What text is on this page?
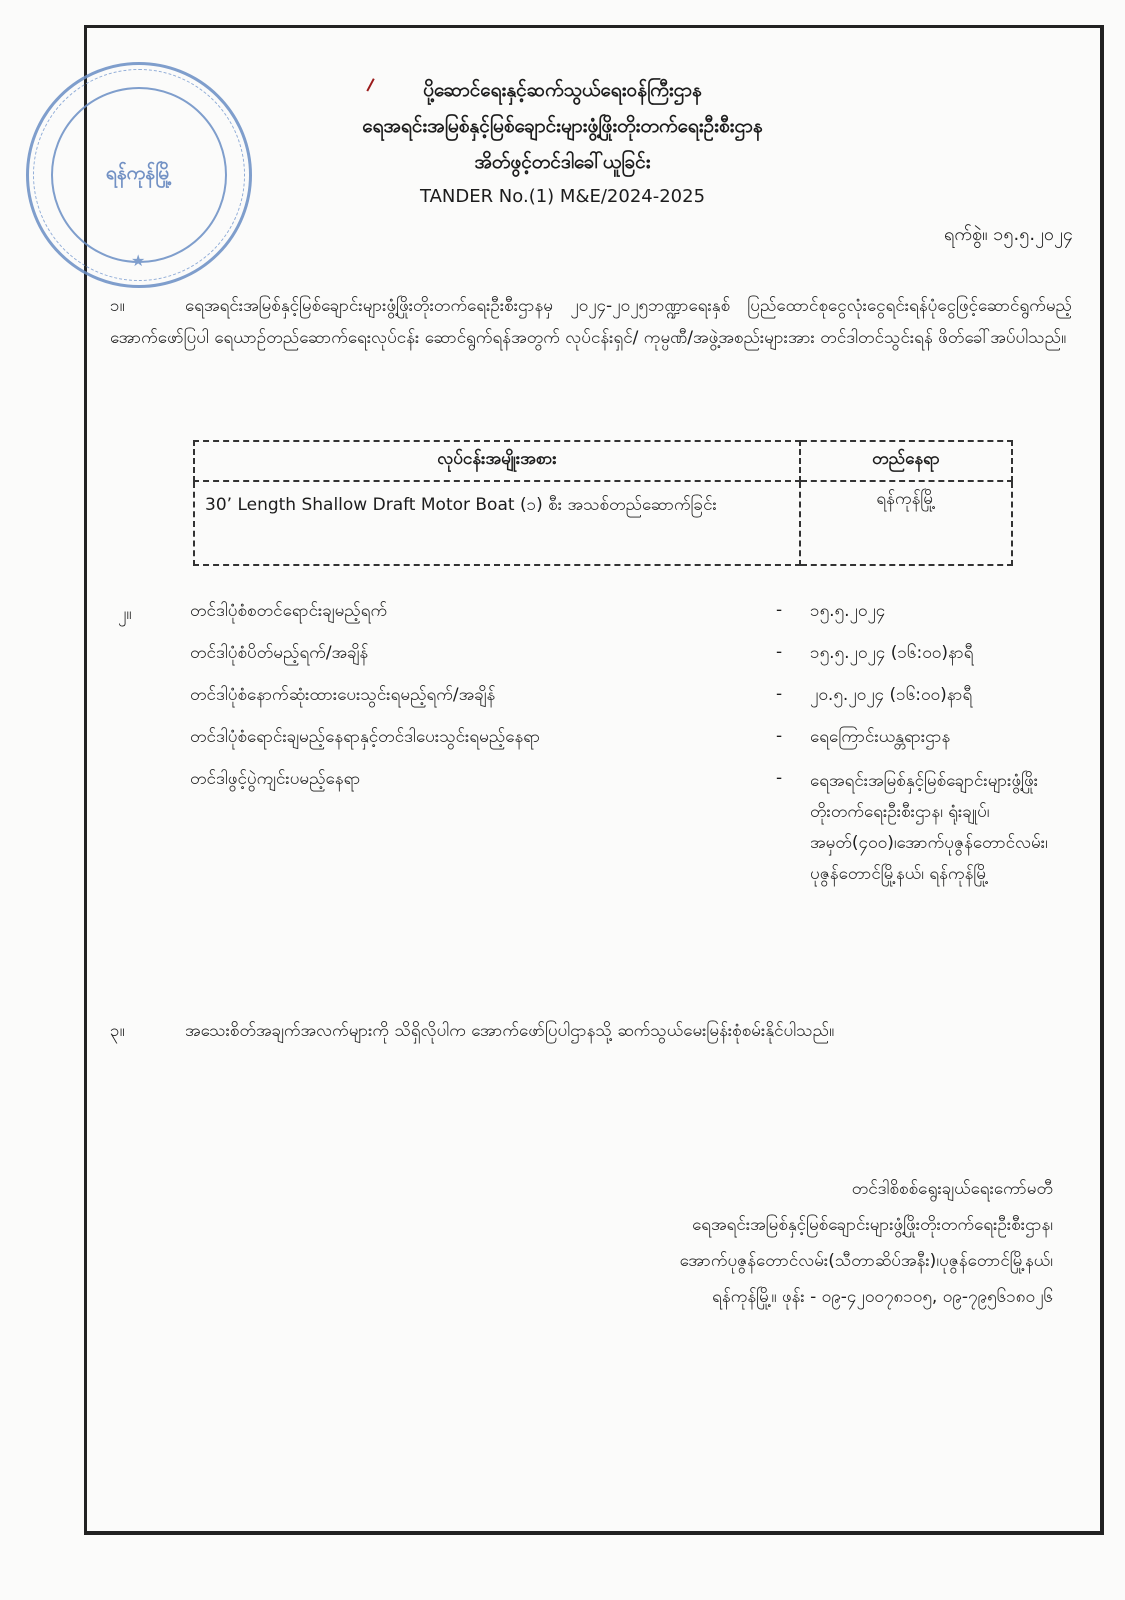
ရန်ကုန်မြို့
★
ပို့ဆောင်ရေးနှင့်ဆက်သွယ်ရေးဝန်ကြီးဌာန
ရေအရင်းအမြစ်နှင့်မြစ်ချောင်းများဖွံ့ဖြိုးတိုးတက်ရေးဦးစီးဌာန
အိတ်ဖွင့်တင်ဒါခေါ်ယူခြင်း
TANDER No.(1) M&E/2024-2025
ရက်စွဲ။ ၁၅.၅.၂၀၂၄
၁။	ရေအရင်းအမြစ်နှင့်မြစ်ချောင်းများဖွံ့ဖြိုးတိုးတက်ရေးဦးစီးဌာနမှ ၂၀၂၄-၂၀၂၅ဘဏ္ဍာရေးနှစ် ပြည်ထောင်စုငွေလုံးငွေရင်းရန်ပုံငွေဖြင့်ဆောင်ရွက်မည့် အောက်ဖော်ပြပါ ရေယာဉ်တည်ဆောက်ရေးလုပ်ငန်း ဆောင်ရွက်ရန်အတွက် လုပ်ငန်းရှင်/ ကုမ္ပဏီ/အဖွဲ့အစည်းများအား တင်ဒါတင်သွင်းရန် ဖိတ်ခေါ်အပ်ပါသည်။
လုပ်ငန်းအမျိုးအစား	တည်နေရာ
30’ Length Shallow Draft Motor Boat (၁) စီး အသစ်တည်ဆောက်ခြင်း	ရန်ကုန်မြို့
၂။	တင်ဒါပုံစံစတင်ရောင်းချမည့်ရက်	- ၁၅.၅.၂၀၂၄
တင်ဒါပုံစံပိတ်မည့်ရက်/အချိန်	- ၁၅.၅.၂၀၂၄ (၁၆:၀၀)နာရီ
တင်ဒါပုံစံနောက်ဆုံးထားပေးသွင်းရမည့်ရက်/အချိန်	- ၂၀.၅.၂၀၂၄ (၁၆:၀၀)နာရီ
တင်ဒါပုံစံရောင်းချမည့်နေရာနှင့်တင်ဒါပေးသွင်းရမည့်နေရာ	- ရေကြောင်းယန္တရားဌာန
တင်ဒါဖွင့်ပွဲကျင်းပမည့်နေရာ	- ရေအရင်းအမြစ်နှင့်မြစ်ချောင်းများဖွံ့ဖြိုးတိုးတက်ရေးဦးစီးဌာန၊ ရုံးချုပ်၊ အမှတ်(၄၀၀)၊အောက်ပုဇွန်တောင်လမ်း၊ပုဇွန်တောင်မြို့နယ်၊ ရန်ကုန်မြို့
၃။	အသေးစိတ်အချက်အလက်များကို သိရှိလိုပါက အောက်ဖော်ပြပါဌာနသို့ ဆက်သွယ်မေးမြန်းစုံစမ်းနိုင်ပါသည်။
တင်ဒါစိစစ်ရွေးချယ်ရေးကော်မတီ
ရေအရင်းအမြစ်နှင့်မြစ်ချောင်းများဖွံ့ဖြိုးတိုးတက်ရေးဦးစီးဌာန၊
အောက်ပုဇွန်တောင်လမ်း(သီတာဆိပ်အနီး)၊ပုဇွန်တောင်မြို့နယ်၊
ရန်ကုန်မြို့။ ဖုန်း - ၀၉-၄၂၀၀၇၈၁၀၅, ၀၉-၇၉၅၆၁၈၀၂၆
